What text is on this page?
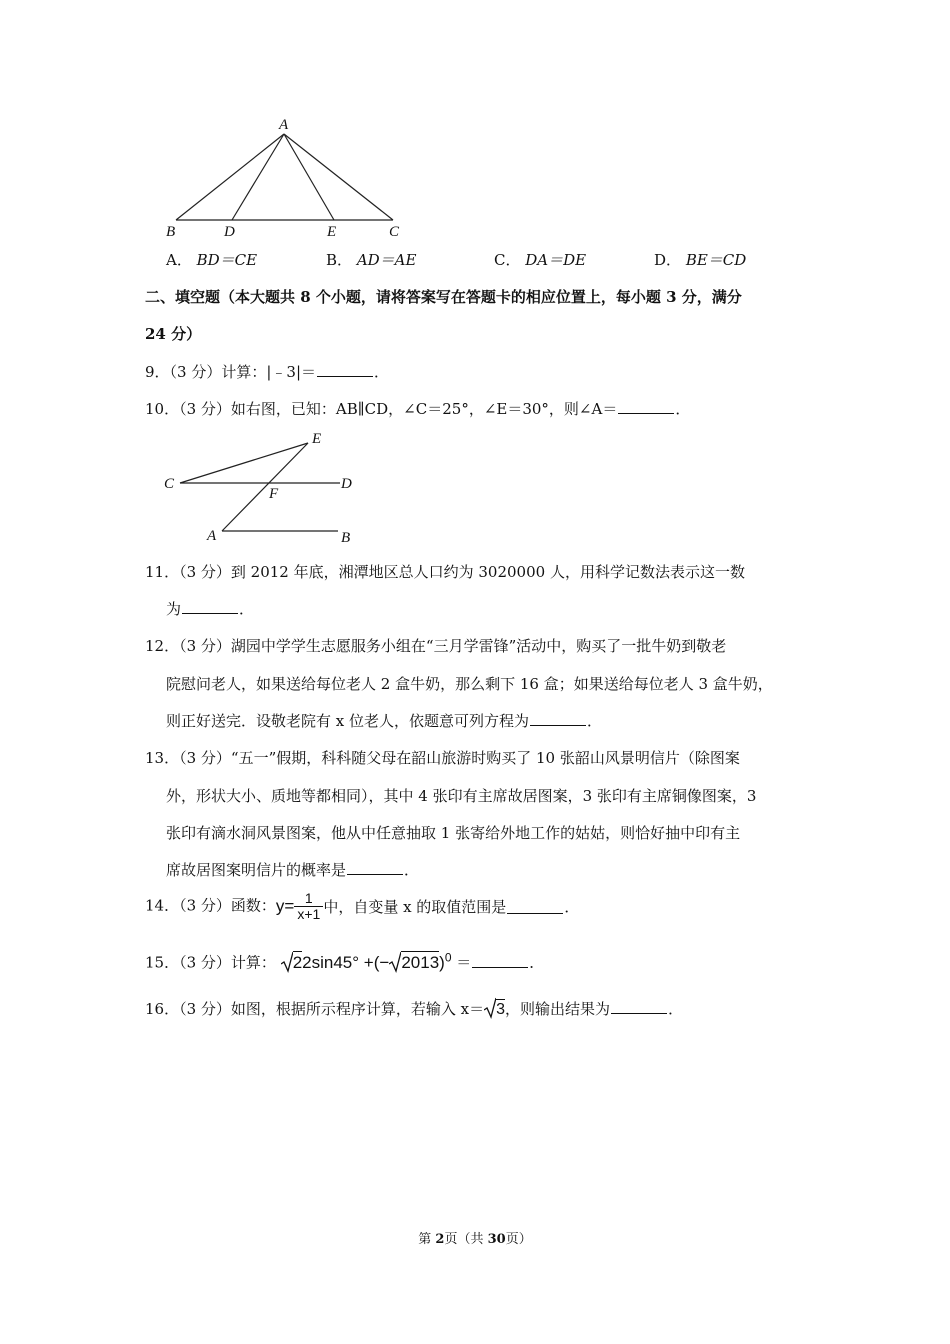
A
B	D	E	C
A． BD＝CE	B． AD＝AE	C． DA＝DE	D． BE＝CD
二、填空题（本大题共 8 个小题，请将答案写在答题卡的相应位置上，每小题 3 分，满分
24 分）
9．（3 分）计算：|﹣3|＝	．
10．（3 分）如右图，已知：AB∥CD，∠C＝25°，∠E＝30°，则∠A＝	．
E
C	D
F
A	B
11．（3 分）到 2012 年底，湘潭地区总人口约为 3020000 人，用科学记数法表示这一数
为	．
12．（3 分）湖园中学学生志愿服务小组在“三月学雷锋”活动中，购买了一批牛奶到敬老
院慰问老人，如果送给每位老人 2 盒牛奶，那么剩下 16 盒；如果送给每位老人 3 盒牛奶，
则正好送完．设敬老院有 x 位老人，依题意可列方程为	．
13．（3 分）“五一”假期，科科随父母在韶山旅游时购买了 10 张韶山风景明信片（除图案
外，形状大小、质地等都相同），其中 4 张印有主席故居图案，3 张印有主席铜像图案，3
张印有滴水洞风景图案，他从中任意抽取 1 张寄给外地工作的姑姑，则恰好抽中印有主
席故居图案明信片的概率是	．
14．（3 分）函数：$y= \frac{1}{x+1}$ 中，自变量 x 的取值范围是	．
15．（3 分）计算： 22sin45° +(− 2013)$^0$ ＝	．
16．（3 分）如图，根据所示程序计算，若输入 x＝ 3，则输出结果为	．
第 2页（共 30页）
